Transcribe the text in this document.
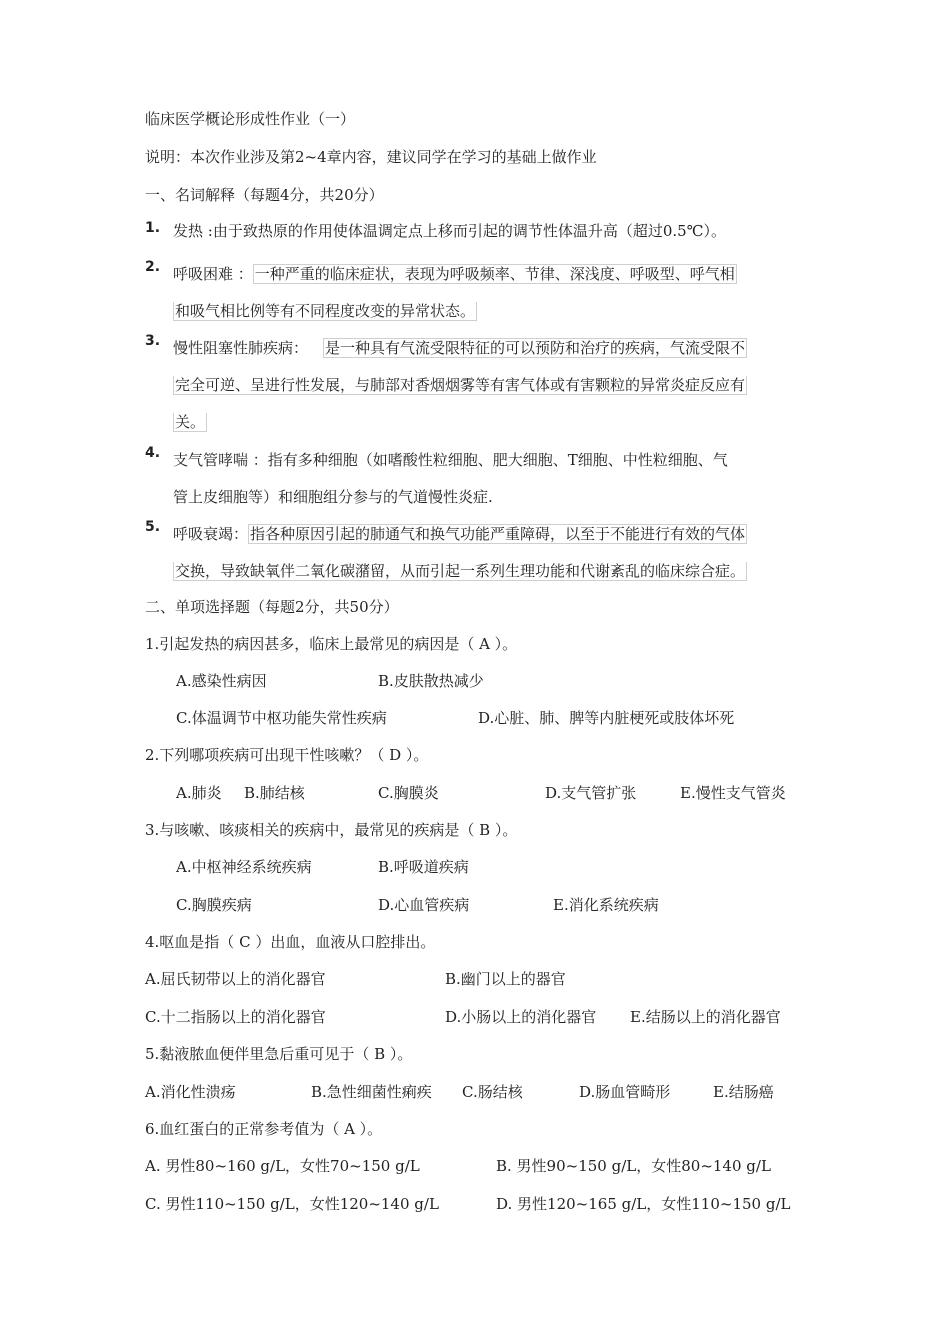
临床医学概论形成性作业（一）
说明：本次作业涉及第2~4章内容，建议同学在学习的基础上做作业
一、名词解释（每题4分，共20分）
1. 发热 :由于致热原的作用使体温调定点上移而引起的调节性体温升高（超过0.5℃）。
2. 呼吸困难 ： 一种严重的临床症状，表现为呼吸频率、节律、深浅度、呼吸型、呼气相
和吸气相比例等有不同程度改变的异常状态。
3. 慢性阻塞性肺疾病：  是一种具有气流受限特征的可以预防和治疗的疾病，气流受限不
完全可逆、呈进行性发展，与肺部对香烟烟雾等有害气体或有害颗粒的异常炎症反应有
关。
4. 支气管哮喘 ：指有多种细胞（如嗜酸性粒细胞、肥大细胞、T细胞、中性粒细胞、气
管上皮细胞等）和细胞组分参与的气道慢性炎症.
5. 呼吸衰竭： 指各种原因引起的肺通气和换气功能严重障碍，以至于不能进行有效的气体
交换，导致缺氧伴二氧化碳潴留，从而引起一系列生理功能和代谢紊乱的临床综合症。
二、单项选择题（每题2分，共50分）
1.引起发热的病因甚多，临床上最常见的病因是（ A ）。
A.感染性病因	B.皮肤散热减少
C.体温调节中枢功能失常性疾病	D.心脏、肺、脾等内脏梗死或肢体坏死
2.下列哪项疾病可出现干性咳嗽？（ D ）。
A.肺炎 B.肺结核	C.胸膜炎	D.支气管扩张	E.慢性支气管炎
3.与咳嗽、咳痰相关的疾病中，最常见的疾病是（ B ）。
A.中枢神经系统疾病	B.呼吸道疾病
C.胸膜疾病	D.心血管疾病	E.消化系统疾病
4.呕血是指（ C ）出血，血液从口腔排出。
A.屈氏韧带以上的消化器官	B.幽门以上的器官
C.十二指肠以上的消化器官	D.小肠以上的消化器官 E.结肠以上的消化器官
5.黏液脓血便伴里急后重可见于（ B ）。
A.消化性溃疡	B.急性细菌性痢疾 C.肠结核	D.肠血管畸形	E.结肠癌
6.血红蛋白的正常参考值为（ A ）。
A. 男性80~160 g/L，女性70~150 g/L	B. 男性90~150 g/L，女性80~140 g/L
C. 男性110~150 g/L，女性120~140 g/L	D. 男性120~165 g/L，女性110~150 g/L
